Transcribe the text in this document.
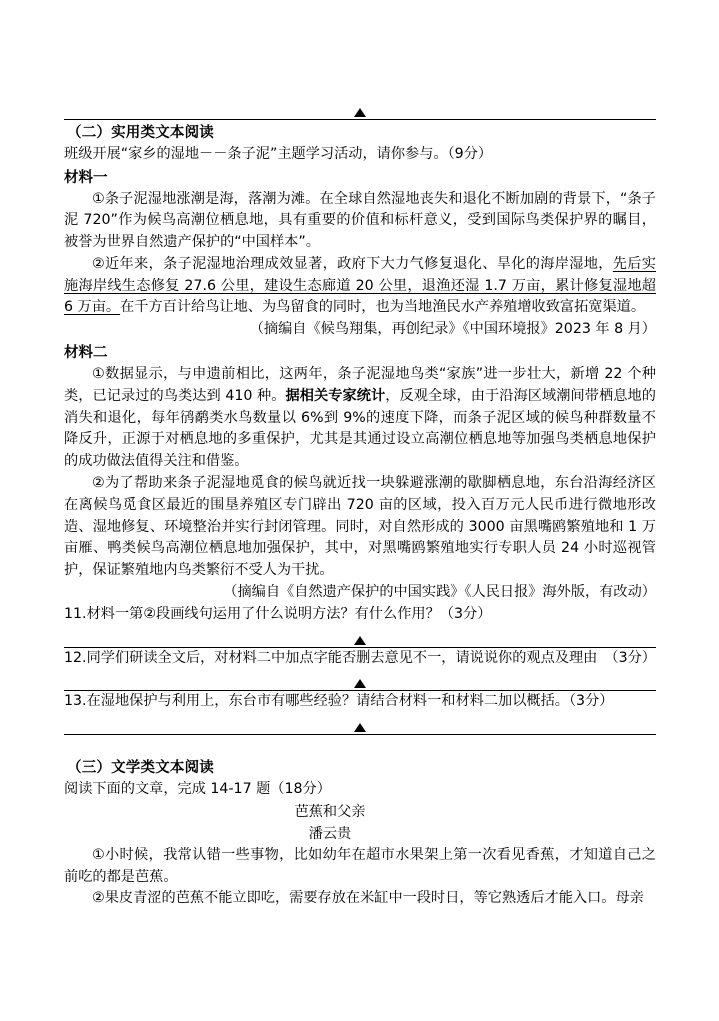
（二）实用类文本阅读
班级开展“家乡的湿地－－条子泥”主题学习活动，请你参与。（9分）
材料一
①条子泥湿地涨潮是海，落潮为滩。在全球自然湿地丧失和退化不断加剧的背景下，“条子泥 720”作为候鸟高潮位栖息地，具有重要的价值和标杆意义，受到国际鸟类保护界的瞩目，被誉为世界自然遗产保护的“中国样本”。
②近年来，条子泥湿地治理成效显著，政府下大力气修复退化、旱化的海岸湿地，先后实施海岸线生态修复 27.6 公里，建设生态廊道 20 公里，退渔还湿 1.7 万亩，累计修复湿地超 6 万亩。在千方百计给鸟让地、为鸟留食的同时，也为当地渔民水产养殖增收致富拓宽渠道。
（摘编自《候鸟翔集，再创纪录》《中国环境报》2023 年 8 月）
材料二
①数据显示，与申遗前相比，这两年，条子泥湿地鸟类“家族”进一步壮大，新增 22 个种类，已记录过的鸟类达到 410 种。据相关专家统计，反观全球，由于沿海区域潮间带栖息地的消失和退化，每年鸻鹬类水鸟数量以 6%到 9%的速度下降，而条子泥区域的候鸟种群数量不降反升，正源于对栖息地的多重保护，尤其是其通过设立高潮位栖息地等加强鸟类栖息地保护的成功做法值得关注和借鉴。
②为了帮助来条子泥湿地觅食的候鸟就近找一块躲避涨潮的歇脚栖息地，东台沿海经济区在离候鸟觅食区最近的围垦养殖区专门辟出 720 亩的区域，投入百万元人民币进行微地形改造、湿地修复、环境整治并实行封闭管理。同时，对自然形成的 3000 亩黑嘴鸥繁殖地和 1 万亩雁、鸭类候鸟高潮位栖息地加强保护，其中，对黑嘴鸥繁殖地实行专职人员 24 小时巡视管护，保证繁殖地内鸟类繁衍不受人为干扰。
（摘编自《自然遗产保护的中国实践》《人民日报》海外版，有改动）
11.材料一第②段画线句运用了什么说明方法？有什么作用？（3分）
12.同学们研读全文后，对材料二中加点字能否删去意见不一，请说说你的观点及理由 （3分）
13.在湿地保护与利用上，东台市有哪些经验？请结合材料一和材料二加以概括。（3分）
（三）文学类文本阅读
阅读下面的文章，完成 14-17 题（18分）
芭蕉和父亲
潘云贵
①小时候，我常认错一些事物，比如幼年在超市水果架上第一次看见香蕉，才知道自己之前吃的都是芭蕉。
②果皮青涩的芭蕉不能立即吃，需要存放在米缸中一段时日，等它熟透后才能入口。母亲
